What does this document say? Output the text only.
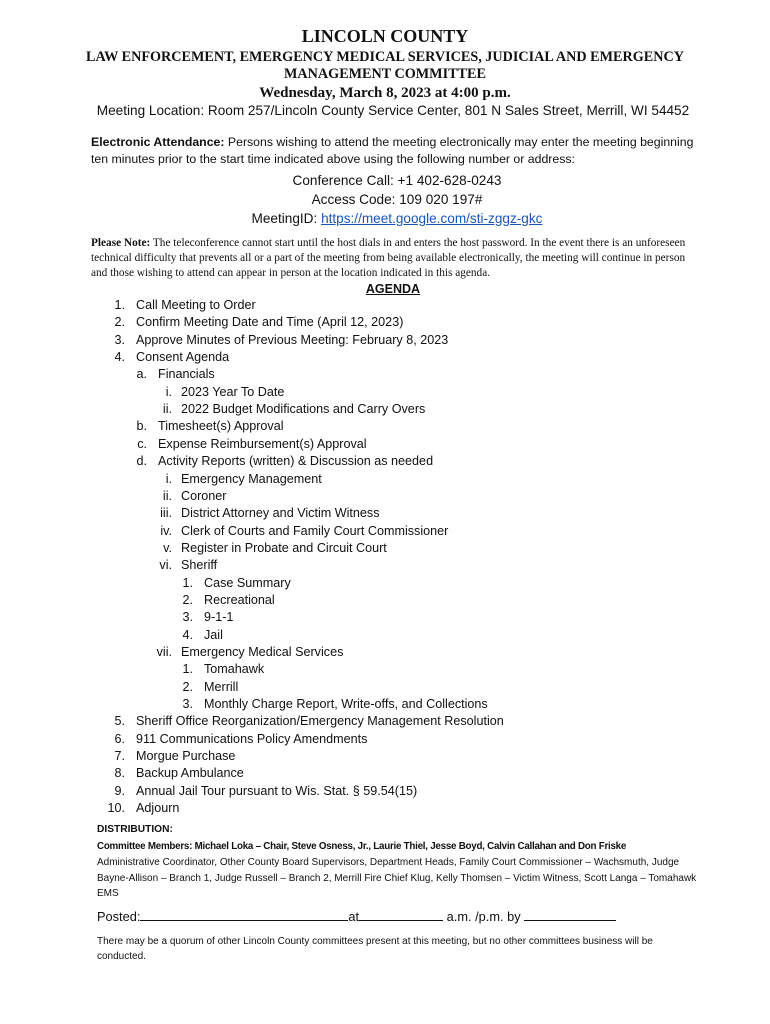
LINCOLN COUNTY
LAW ENFORCEMENT, EMERGENCY MEDICAL SERVICES, JUDICIAL AND EMERGENCY MANAGEMENT COMMITTEE
Wednesday, March 8, 2023 at 4:00 p.m.
Meeting Location: Room 257/Lincoln County Service Center, 801 N Sales Street, Merrill, WI 54452
Electronic Attendance: Persons wishing to attend the meeting electronically may enter the meeting beginning ten minutes prior to the start time indicated above using the following number or address:
Conference Call: +1 402-628-0243
Access Code: 109 020 197#
MeetingID: https://meet.google.com/sti-zggz-gkc
Please Note: The teleconference cannot start until the host dials in and enters the host password. In the event there is an unforeseen technical difficulty that prevents all or a part of the meeting from being available electronically, the meeting will continue in person and those wishing to attend can appear in person at the location indicated in this agenda.
AGENDA
1. Call Meeting to Order
2. Confirm Meeting Date and Time (April 12, 2023)
3. Approve Minutes of Previous Meeting: February 8, 2023
4. Consent Agenda
a. Financials
i. 2023 Year To Date
ii. 2022 Budget Modifications and Carry Overs
b. Timesheet(s) Approval
c. Expense Reimbursement(s) Approval
d. Activity Reports (written) & Discussion as needed
i. Emergency Management
ii. Coroner
iii. District Attorney and Victim Witness
iv. Clerk of Courts and Family Court Commissioner
v. Register in Probate and Circuit Court
vi. Sheriff
1. Case Summary
2. Recreational
3. 9-1-1
4. Jail
vii. Emergency Medical Services
1. Tomahawk
2. Merrill
3. Monthly Charge Report, Write-offs, and Collections
5. Sheriff Office Reorganization/Emergency Management Resolution
6. 911 Communications Policy Amendments
7. Morgue Purchase
8. Backup Ambulance
9. Annual Jail Tour pursuant to Wis. Stat. § 59.54(15)
10. Adjourn
DISTRIBUTION:
Committee Members: Michael Loka – Chair, Steve Osness, Jr., Laurie Thiel, Jesse Boyd, Calvin Callahan and Don Friske
Administrative Coordinator, Other County Board Supervisors, Department Heads, Family Court Commissioner – Wachsmuth, Judge Bayne-Allison – Branch 1, Judge Russell – Branch 2, Merrill Fire Chief Klug, Kelly Thomsen – Victim Witness, Scott Langa – Tomahawk EMS
Posted:	at	a.m. /p.m. by
There may be a quorum of other Lincoln County committees present at this meeting, but no other committees business will be conducted.
